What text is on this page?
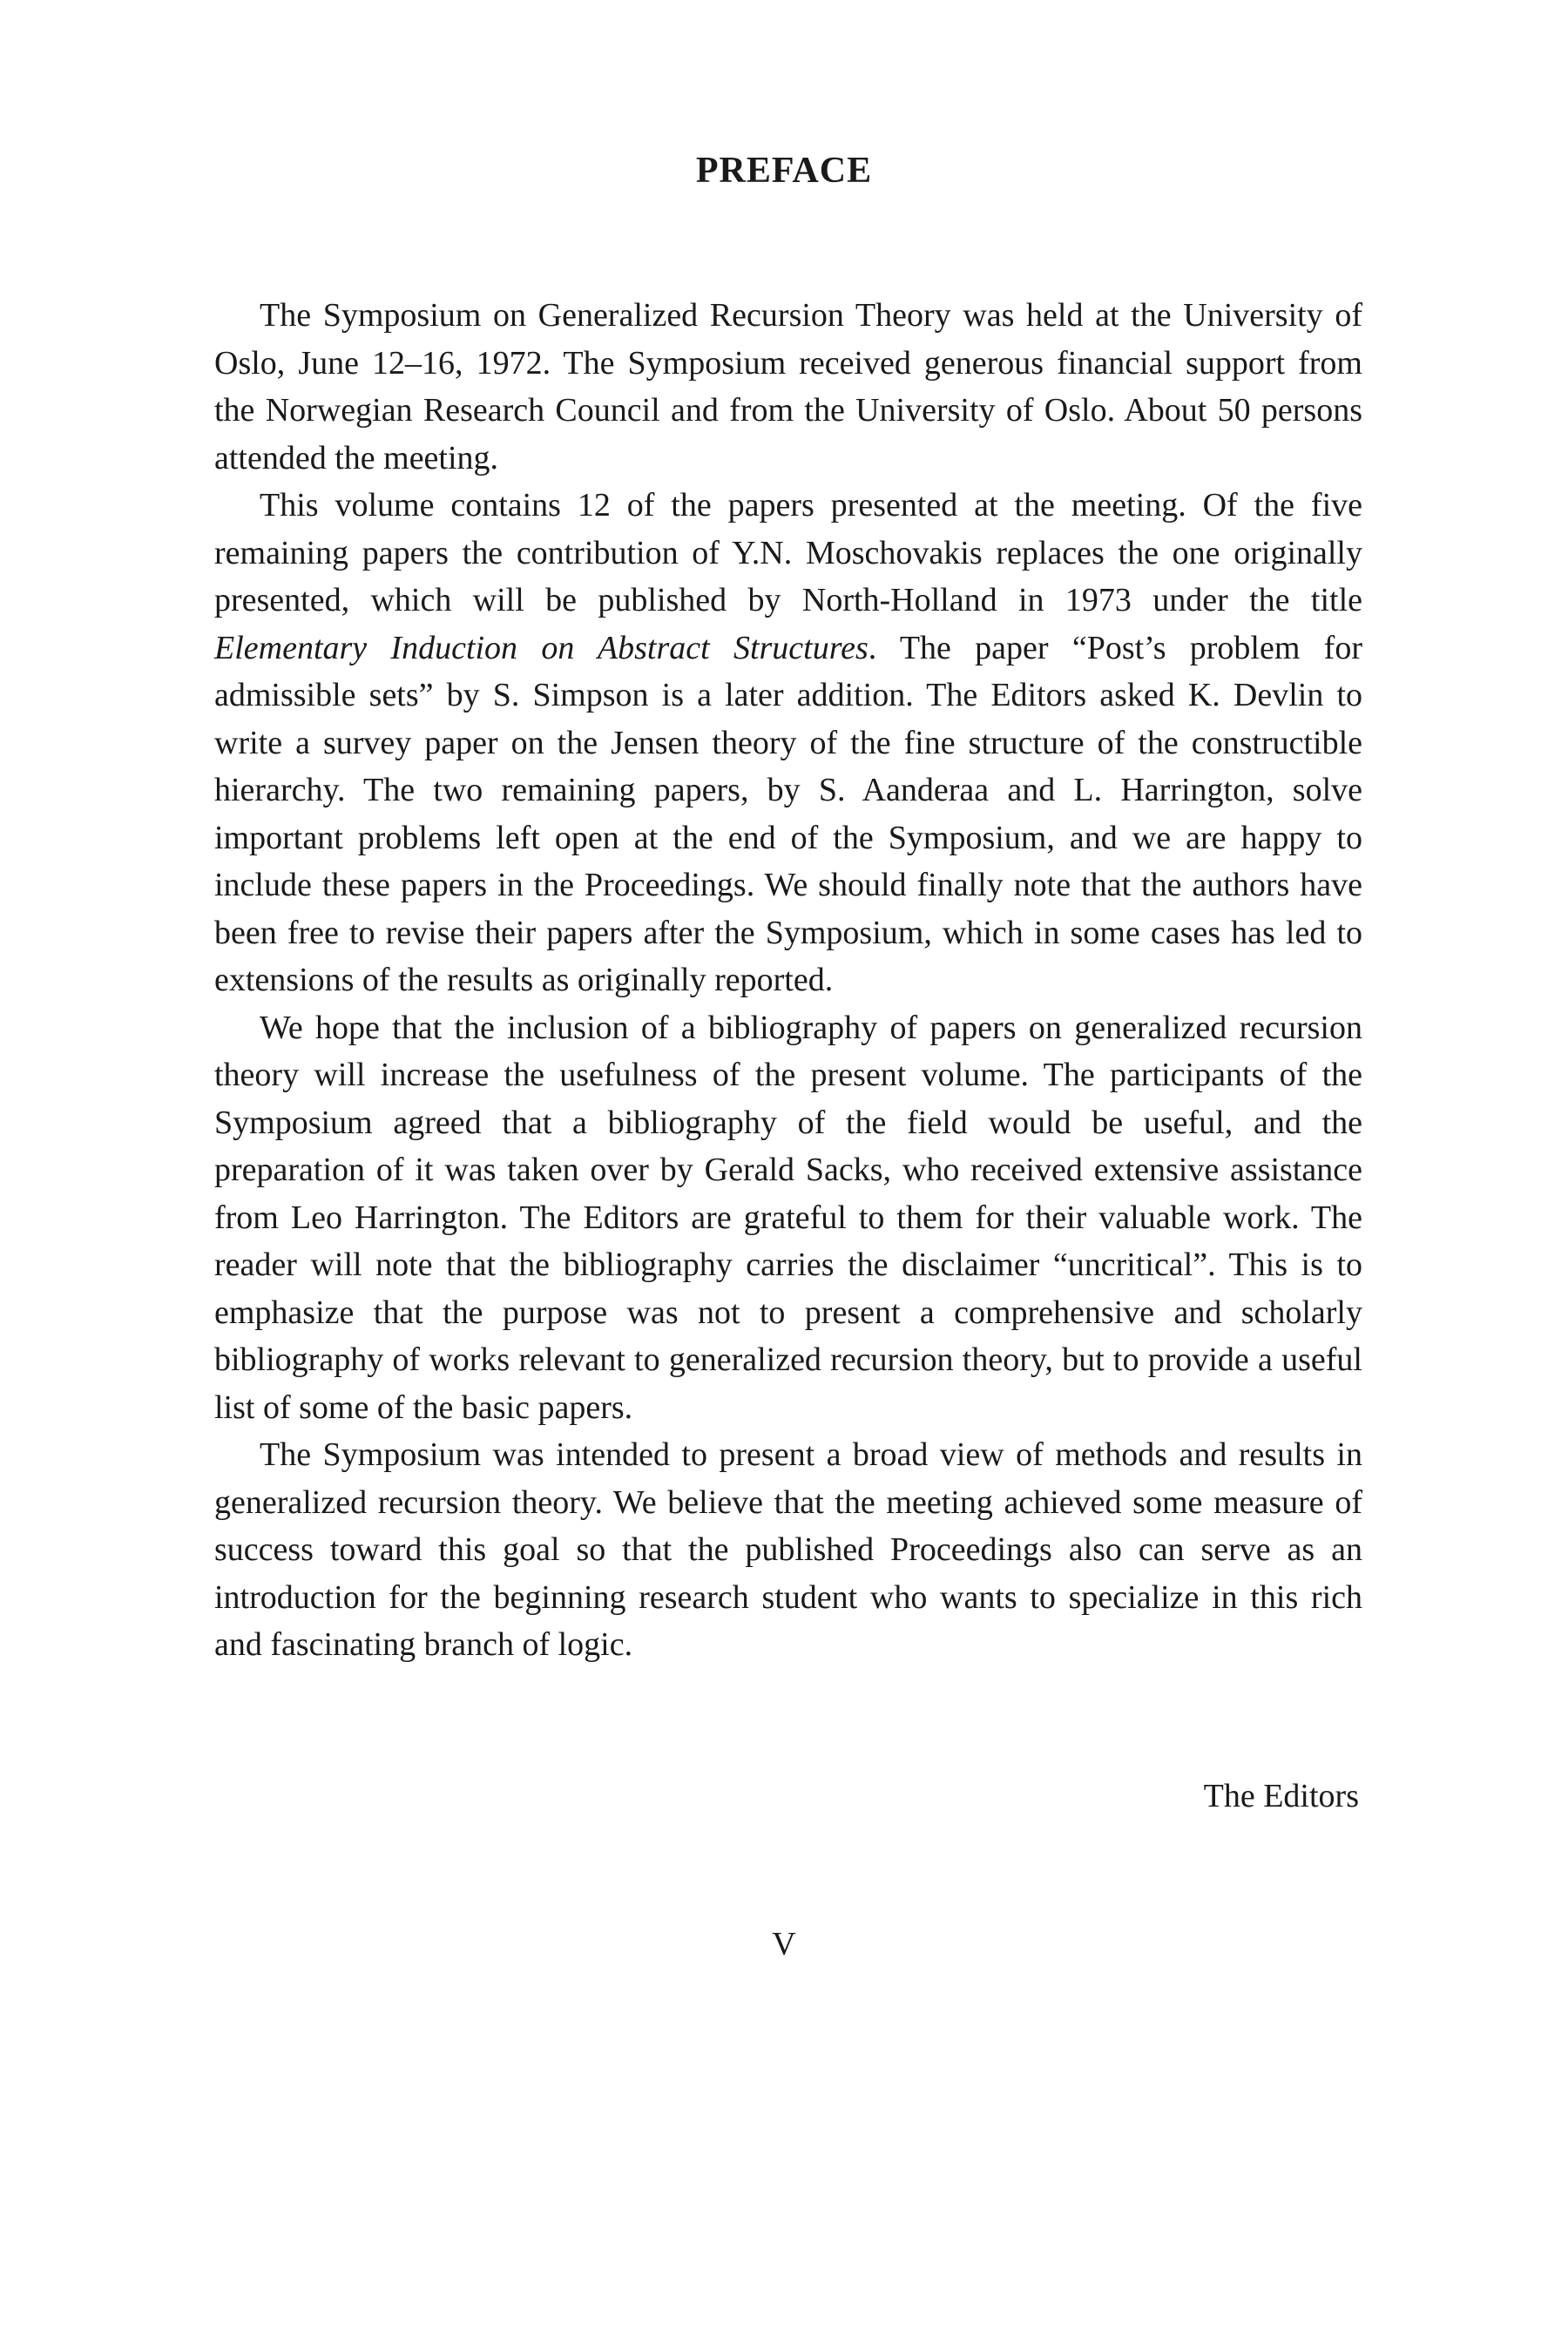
PREFACE

The Symposium on Generalized Recursion Theory was held at the University of Oslo, June 12–16, 1972. The Symposium received generous financial support from the Norwegian Research Council and from the University of Oslo. About 50 persons attended the meeting.

This volume contains 12 of the papers presented at the meeting. Of the five remaining papers the contribution of Y.N. Moschovakis replaces the one originally presented, which will be published by North-Holland in 1973 under the title Elementary Induction on Abstract Structures. The paper “Post’s problem for admissible sets” by S. Simpson is a later addition. The Editors asked K. Devlin to write a survey paper on the Jensen theory of the fine structure of the constructible hierarchy. The two remaining papers, by S. Aanderaa and L. Harrington, solve important problems left open at the end of the Symposium, and we are happy to include these papers in the Proceedings. We should finally note that the authors have been free to revise their papers after the Symposium, which in some cases has led to extensions of the results as originally reported.

We hope that the inclusion of a bibliography of papers on generalized recursion theory will increase the usefulness of the present volume. The participants of the Symposium agreed that a bibliography of the field would be useful, and the preparation of it was taken over by Gerald Sacks, who received extensive assistance from Leo Harrington. The Editors are grateful to them for their valuable work. The reader will note that the bibliography carries the disclaimer “uncritical”. This is to emphasize that the purpose was not to present a comprehensive and scholarly bibliography of works relevant to generalized recursion theory, but to provide a useful list of some of the basic papers.

The Symposium was intended to present a broad view of methods and results in generalized recursion theory. We believe that the meeting achieved some measure of success toward this goal so that the published Proceedings also can serve as an introduction for the beginning research student who wants to specialize in this rich and fascinating branch of logic.

The Editors
V
